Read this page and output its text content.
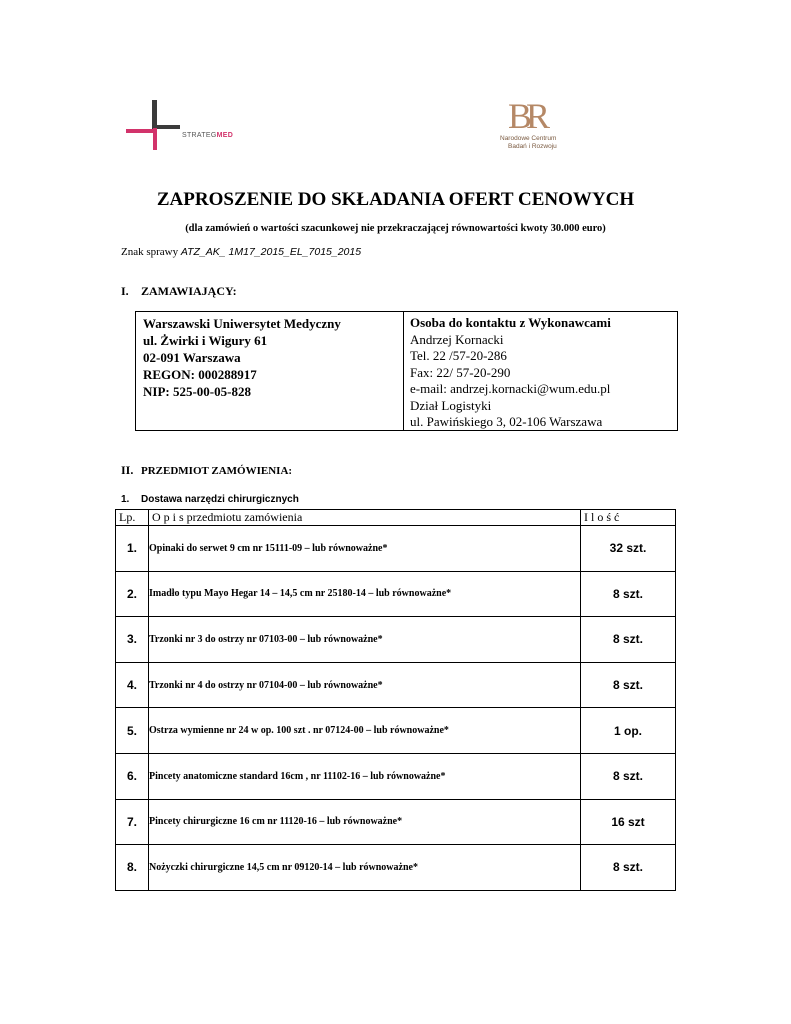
STRATEGMED	BR
Narodowe Centrum
Badań i Rozwoju
ZAPROSZENIE DO SKŁADANIA OFERT CENOWYCH
(dla zamówień o wartości szacunkowej nie przekraczającej równowartości kwoty 30.000 euro)
Znak sprawy ATZ_AK_ 1M17_2015_EL_7015_2015
I. ZAMAWIAJĄCY:
Warszawski Uniwersytet Medyczny
ul. Żwirki i Wigury 61
02-091 Warszawa
REGON: 000288917
NIP: 525-00-05-828
Osoba do kontaktu z Wykonawcami
Andrzej Kornacki
Tel. 22 /57-20-286
Fax: 22/ 57-20-290
e-mail: andrzej.kornacki@wum.edu.pl
Dział Logistyki
ul. Pawińskiego 3, 02-106 Warszawa
II. PRZEDMIOT ZAMÓWIENIA:
1. Dostawa narzędzi chirurgicznych
Lp.	O p i s przedmiotu zamówienia	I l o ś ć
1.	Opinaki do serwet 9 cm nr 15111-09 – lub równoważne*	32 szt.
2.	Imadło typu Mayo Hegar 14 – 14,5 cm nr 25180-14 – lub równoważne*	8 szt.
3.	Trzonki nr 3 do ostrzy nr 07103-00 – lub równoważne*	8 szt.
4.	Trzonki nr 4 do ostrzy nr 07104-00 – lub równoważne*	8 szt.
5.	Ostrza wymienne nr 24 w op. 100 szt . nr 07124-00 – lub równoważne*	1 op.
6.	Pincety anatomiczne standard 16cm , nr 11102-16 – lub równoważne*	8 szt.
7.	Pincety chirurgiczne 16 cm nr 11120-16 – lub równoważne*	16 szt
8.	Nożyczki chirurgiczne 14,5 cm nr 09120-14 – lub równoważne*	8 szt.
